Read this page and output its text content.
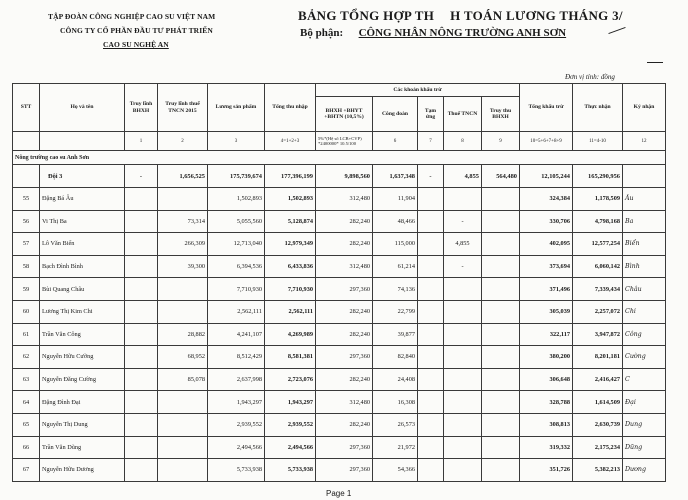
TẬP ĐOÀN CÔNG NGHIỆP CAO SU VIỆT NAM
CÔNG TY CỔ PHẦN ĐẦU TƯ PHÁT TRIỂN
CAO SU NGHỆ AN
BẢNG TỔNG HỢP TH H TOÁN LƯƠNG THÁNG 3/
Bộ phận: CÔNG NHÂN NÔNG TRƯỜNG ANH SƠN
Đơn vị tính: đồng
STT	Họ và tên	Truy lĩnh BHXH	Truy lĩnh thuế TNCN 2015	Lương sản phẩm	Tổng thu nhập	Các khoản khấu trừ					Tổng khấu trừ	Thực nhận	Ký nhận
						BHXH +BHYT +BHTN (10,5%)	Công đoàn	Tạm ứng	Thuế TNCN	Truy thu BHXH			
		1	2	3	4=1+2+3	5%*(Hệ số LCB+CVP) *2400000* 10.5/100	6	7	8	9	10=5+6+7+8+9	11=4-10	12
Nông trường cao su Anh Sơn													
	Đội 3	-	1,656,525	175,739,674	177,396,199	9,898,560	1,637,348	-	4,855	564,480	12,105,244	165,290,956	
55	Đặng Bá Âu			1,502,893	1,502,893	312,480	11,904				324,384	1,178,509	Âu
56	Vi Thị Ba		73,314	5,055,560	5,128,874	282,240	48,466		-		330,706	4,798,168	Ba
57	Lô Văn Biển		266,309	12,713,040	12,979,349	282,240	115,000		4,855		402,095	12,577,254	Biển
58	Bạch Đình Bình		39,300	6,394,536	6,433,836	312,480	61,214		-		373,694	6,060,142	Bình
59	Bùi Quang Châu			7,710,930	7,710,930	297,360	74,136				371,496	7,339,434	Châu
60	Lương Thị Kim Chi			2,562,111	2,562,111	282,240	22,799				305,039	2,257,072	Chi
61	Trần Văn Công		28,882	4,241,107	4,269,989	282,240	39,877				322,117	3,947,872	Công
62	Nguyễn Hữu Cường		68,952	8,512,429	8,581,381	297,360	82,840				380,200	8,201,181	Cường
63	Nguyễn Đăng Cường		85,078	2,637,998	2,723,076	282,240	24,408				306,648	2,416,427	C
64	Đặng Đình Đại			1,943,297	1,943,297	312,480	16,308				328,788	1,614,509	Đại
65	Nguyễn Thị Dung			2,939,552	2,939,552	282,240	26,573				308,813	2,630,739	Dung
66	Trần Văn Dũng			2,494,566	2,494,566	297,360	21,972				319,332	2,175,234	Dũng
67	Nguyễn Hữu Dương			5,733,938	5,733,938	297,360	54,366				351,726	5,382,213	Dương
Page 1
